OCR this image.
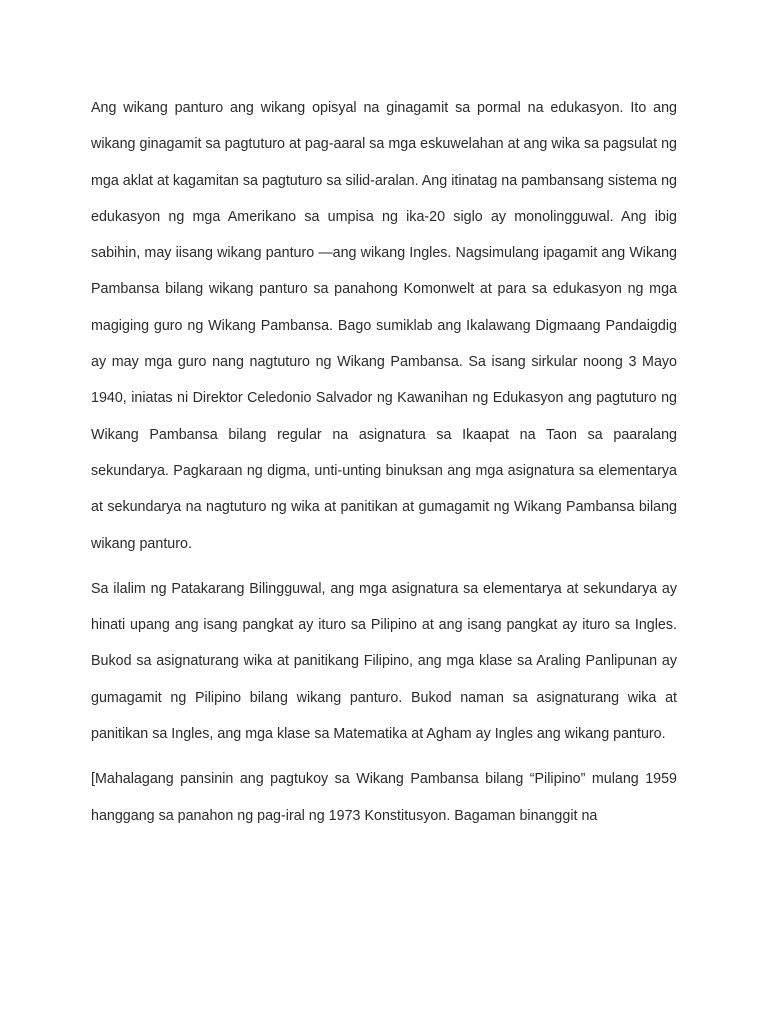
Ang wikang panturo ang wikang opisyal na ginagamit sa pormal na edukasyon. Ito ang wikang ginagamit sa pagtuturo at pag-aaral sa mga eskuwelahan at ang wika sa pagsulat ng mga aklat at kagamitan sa pagtuturo sa silid-aralan. Ang itinatag na pambansang sistema ng edukasyon ng mga Amerikano sa umpisa ng ika-20 siglo ay monolingguwal. Ang ibig sabihin, may iisang wikang panturo —ang wikang Ingles. Nagsimulang ipagamit ang Wikang Pambansa bilang wikang panturo sa panahong Komonwelt at para sa edukasyon ng mga magiging guro ng Wikang Pambansa. Bago sumiklab ang Ikalawang Digmaang Pandaigdig ay may mga guro nang nagtuturo ng Wikang Pambansa. Sa isang sirkular noong 3 Mayo 1940, iniatas ni Direktor Celedonio Salvador ng Kawanihan ng Edukasyon ang pagtuturo ng Wikang Pambansa bilang regular na asignatura sa Ikaapat na Taon sa paaralang sekundarya. Pagkaraan ng digma, unti-unting binuksan ang mga asignatura sa elementarya at sekundarya na nagtuturo ng wika at panitikan at gumagamit ng Wikang Pambansa bilang wikang panturo.

Sa ilalim ng Patakarang Bilingguwal, ang mga asignatura sa elementarya at sekundarya ay hinati upang ang isang pangkat ay ituro sa Pilipino at ang isang pangkat ay ituro sa Ingles. Bukod sa asignaturang wika at panitikang Filipino, ang mga klase sa Araling Panlipunan ay gumagamit ng Pilipino bilang wikang panturo. Bukod naman sa asignaturang wika at panitikan sa Ingles, ang mga klase sa Matematika at Agham ay Ingles ang wikang panturo.

[Mahalagang pansinin ang pagtukoy sa Wikang Pambansa bilang “Pilipino” mulang 1959 hanggang sa panahon ng pag-iral ng 1973 Konstitusyon. Bagaman binanggit na
